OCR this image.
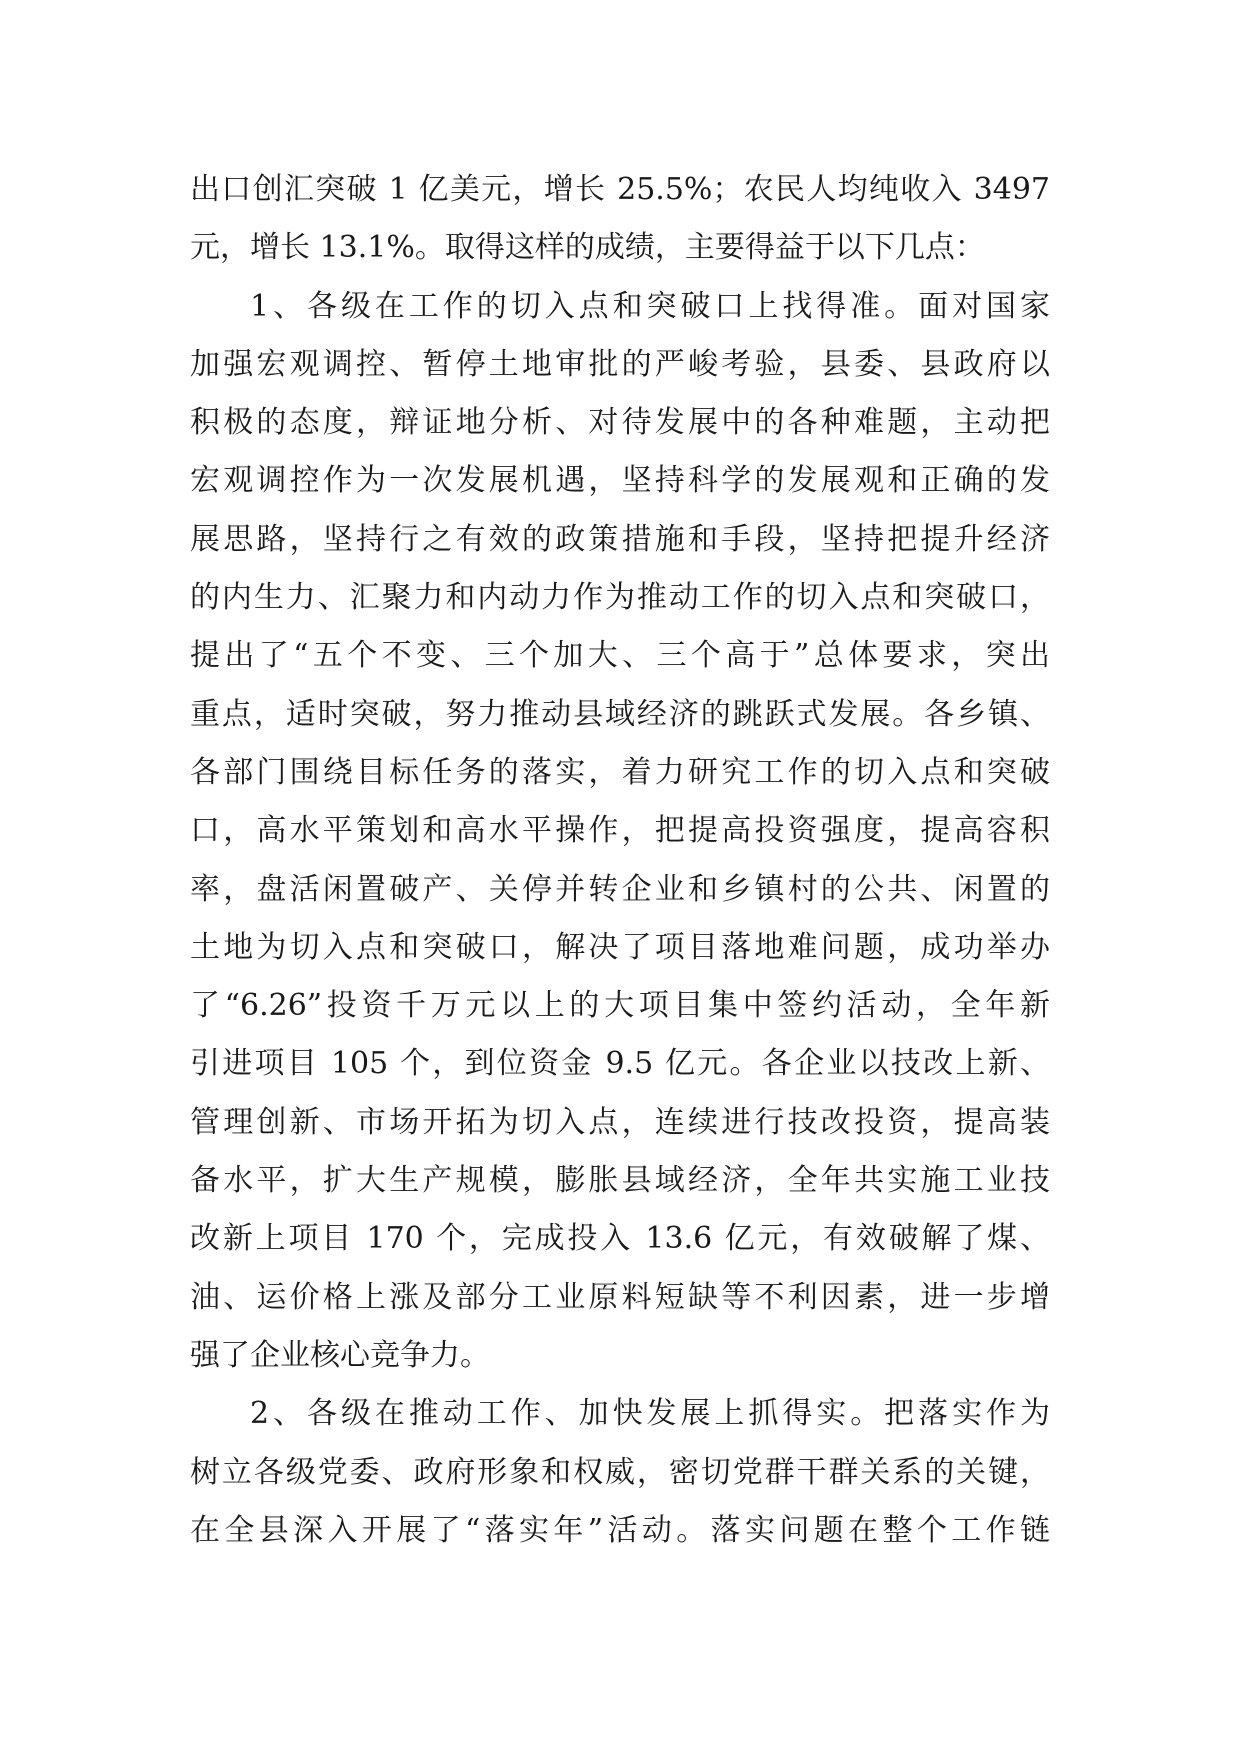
出口创汇突破 1 亿美元，增长 25.5%；农民人均纯收入 3497
元，增长 13.1%。取得这样的成绩，主要得益于以下几点：
1、各级在工作的切入点和突破口上找得准。面对国家
加强宏观调控、暂停土地审批的严峻考验，县委、县政府以
积极的态度，辩证地分析、对待发展中的各种难题，主动把
宏观调控作为一次发展机遇，坚持科学的发展观和正确的发
展思路，坚持行之有效的政策措施和手段，坚持把提升经济
的内生力、汇聚力和内动力作为推动工作的切入点和突破口，
提出了“五个不变、三个加大、三个高于”总体要求，突出
重点，适时突破，努力推动县域经济的跳跃式发展。各乡镇、
各部门围绕目标任务的落实，着力研究工作的切入点和突破
口，高水平策划和高水平操作，把提高投资强度，提高容积
率，盘活闲置破产、关停并转企业和乡镇村的公共、闲置的
土地为切入点和突破口，解决了项目落地难问题，成功举办
了“6.26”投资千万元以上的大项目集中签约活动，全年新
引进项目 105 个，到位资金 9.5 亿元。各企业以技改上新、
管理创新、市场开拓为切入点，连续进行技改投资，提高装
备水平，扩大生产规模，膨胀县域经济，全年共实施工业技
改新上项目 170 个，完成投入 13.6 亿元，有效破解了煤、
油、运价格上涨及部分工业原料短缺等不利因素，进一步增
强了企业核心竞争力。
2、各级在推动工作、加快发展上抓得实。把落实作为
树立各级党委、政府形象和权威，密切党群干群关系的关键，
在全县深入开展了“落实年”活动。落实问题在整个工作链
